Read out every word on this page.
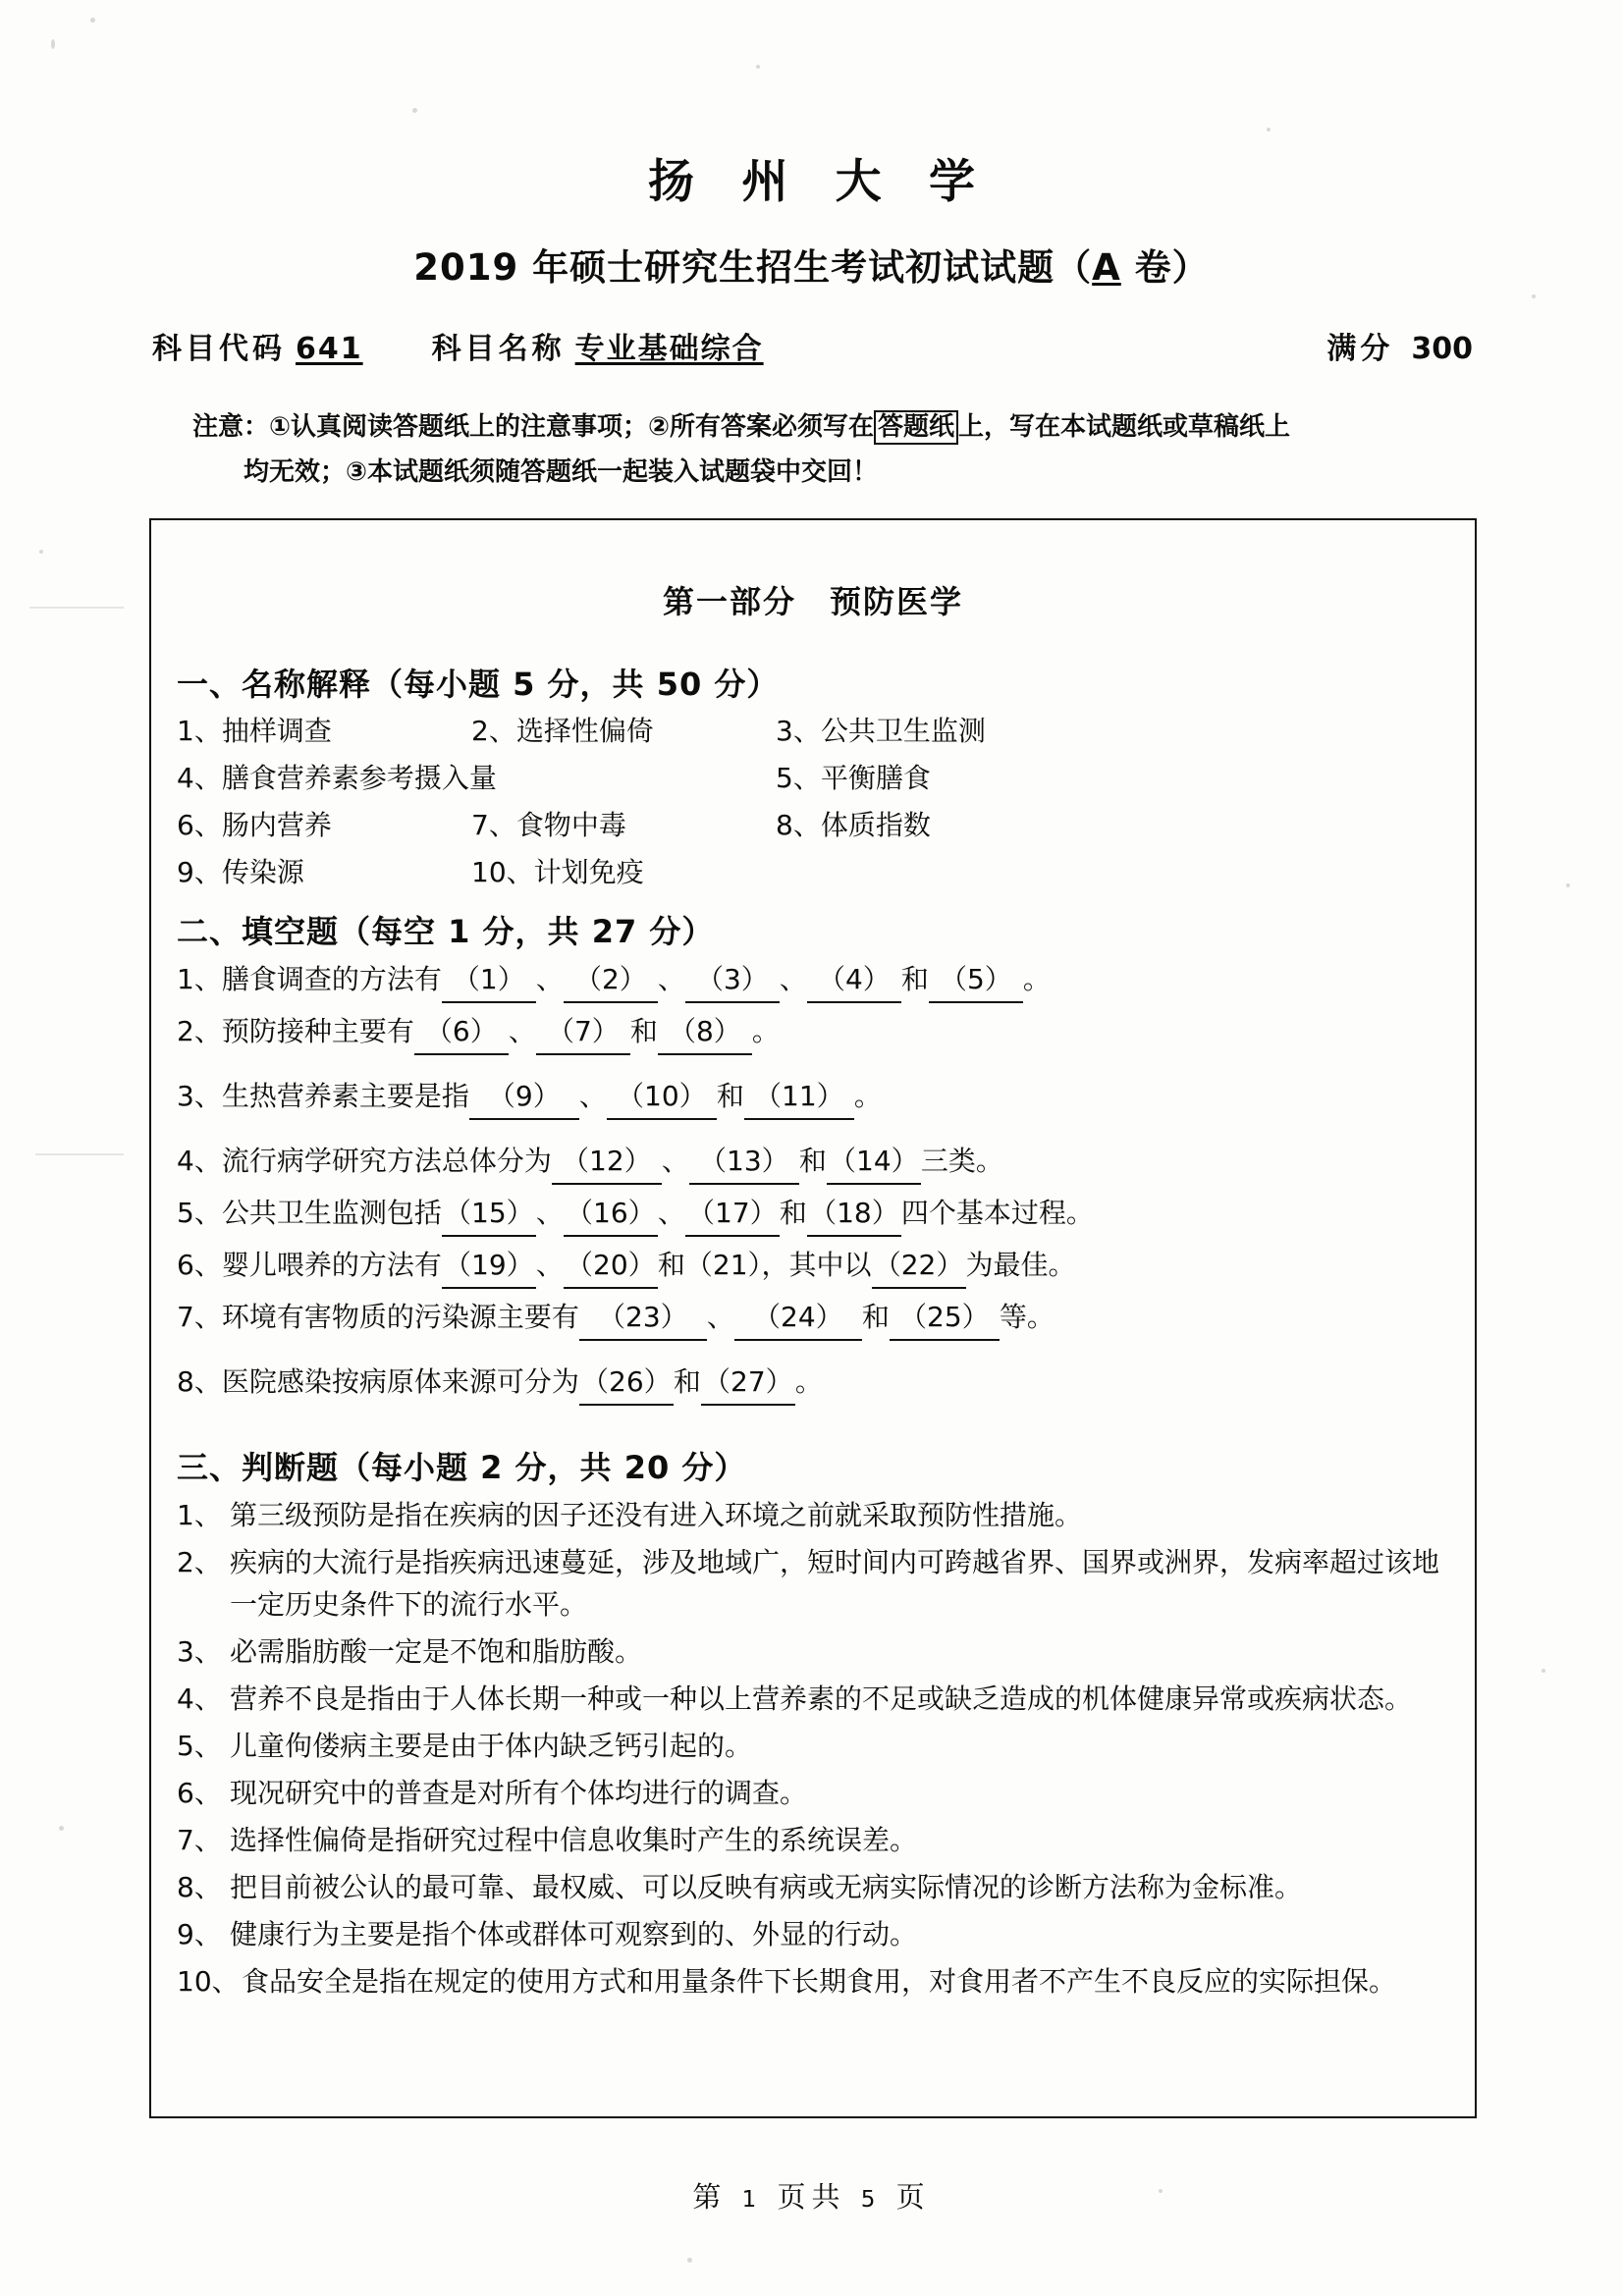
扬 州 大 学
2019 年硕士研究生招生考试初试试题（A 卷）
科目代码 641 科目名称 专业基础综合	满分 300
注意：①认真阅读答题纸上的注意事项；②所有答案必须写在 答题纸 上，写在本试题纸或草稿纸上
均无效；③本试题纸须随答题纸一起装入试题袋中交回！
第一部分　预防医学
一、名称解释（每小题 5 分，共 50 分）
1、抽样调查	2、选择性偏倚	3、公共卫生监测
4、膳食营养素参考摄入量	5、平衡膳食
6、肠内营养	7、食物中毒	8、体质指数
9、传染源	10、计划免疫
二、填空题（每空 1 分，共 27 分）
1、膳食调查的方法有 （1） 、 （2） 、 （3） 、 （4） 和 （5） 。
2、预防接种主要有 （6） 、 （7） 和 （8） 。
3、生热营养素主要是指 （9） 、 （10） 和 （11） 。
4、流行病学研究方法总体分为 （12） 、 （13） 和（14）三类。
5、公共卫生监测包括（15）、（16）、（17）和（18）四个基本过程。
6、婴儿喂养的方法有（19）、（20）和（21），其中以（22）为最佳。
7、环境有害物质的污染源主要有 （23） 、 （24） 和 （25） 等。
8、医院感染按病原体来源可分为（26）和（27）。
三、判断题（每小题 2 分，共 20 分）
1、 第三级预防是指在疾病的因子还没有进入环境之前就采取预防性措施。
2、 疾病的大流行是指疾病迅速蔓延，涉及地域广，短时间内可跨越省界、国界或洲界，发病率超过该地一定历史条件下的流行水平。
3、 必需脂肪酸一定是不饱和脂肪酸。
4、 营养不良是指由于人体长期一种或一种以上营养素的不足或缺乏造成的机体健康异常或疾病状态。
5、 儿童佝偻病主要是由于体内缺乏钙引起的。
6、 现况研究中的普查是对所有个体均进行的调查。
7、 选择性偏倚是指研究过程中信息收集时产生的系统误差。
8、 把目前被公认的最可靠、最权威、可以反映有病或无病实际情况的诊断方法称为金标准。
9、 健康行为主要是指个体或群体可观察到的、外显的行动。
10、 食品安全是指在规定的使用方式和用量条件下长期食用，对食用者不产生不良反应的实际担保。
第 1 页共 5 页
